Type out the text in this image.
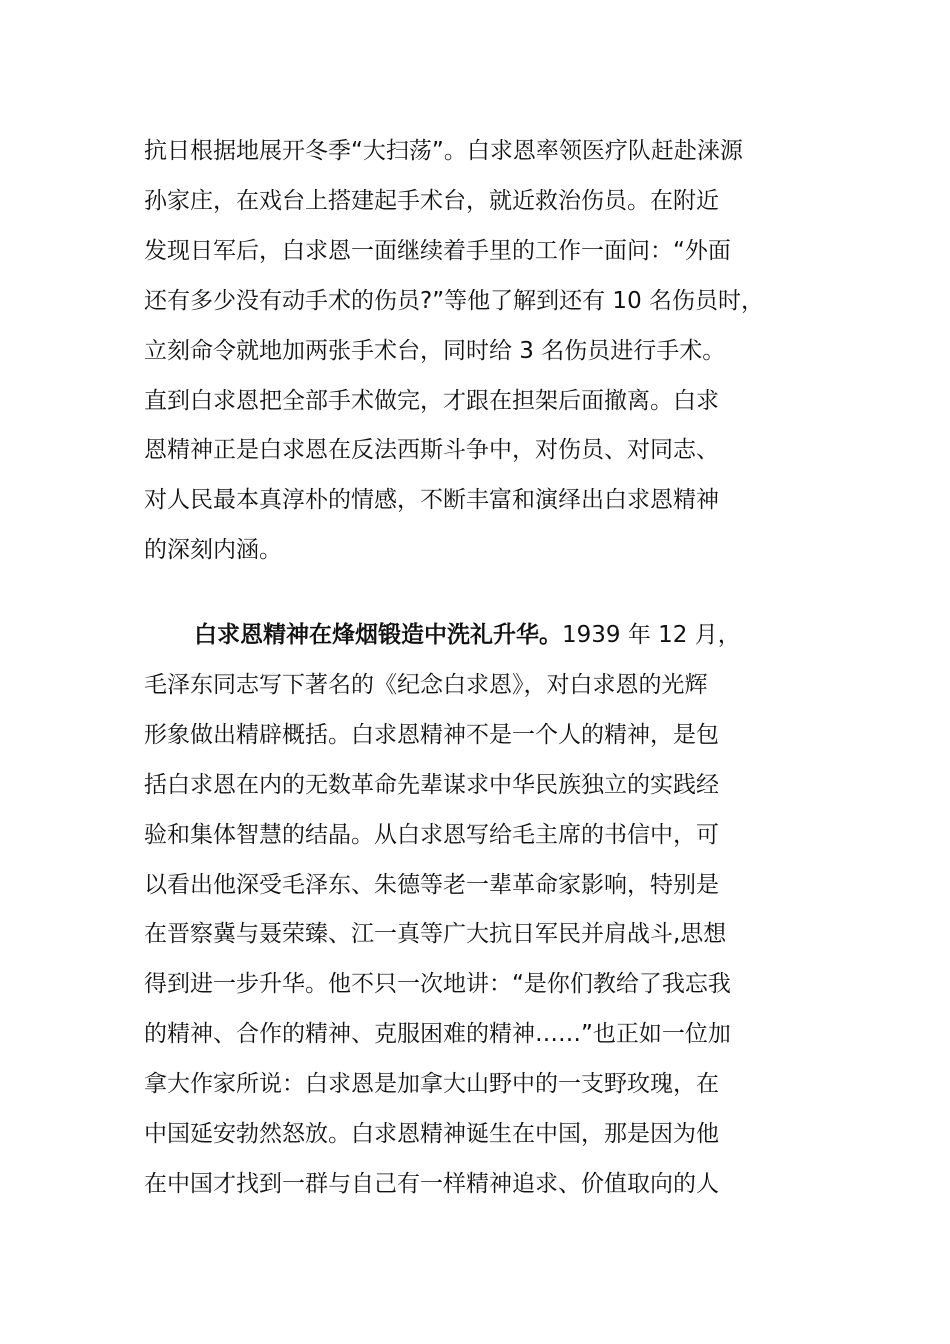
抗日根据地展开冬季“大扫荡”。白求恩率领医疗队赶赴涞源
孙家庄，在戏台上搭建起手术台，就近救治伤员。在附近
发现日军后，白求恩一面继续着手里的工作一面问：“外面
还有多少没有动手术的伤员?”等他了解到还有 10 名伤员时，
立刻命令就地加两张手术台，同时给 3 名伤员进行手术。
直到白求恩把全部手术做完，才跟在担架后面撤离。白求
恩精神正是白求恩在反法西斯斗争中，对伤员、对同志、
对人民最本真淳朴的情感，不断丰富和演绎出白求恩精神
的深刻内涵。
白求恩精神在烽烟锻造中洗礼升华。1939 年 12 月，
毛泽东同志写下著名的《纪念白求恩》，对白求恩的光辉
形象做出精辟概括。白求恩精神不是一个人的精神，是包
括白求恩在内的无数革命先辈谋求中华民族独立的实践经
验和集体智慧的结晶。从白求恩写给毛主席的书信中，可
以看出他深受毛泽东、朱德等老一辈革命家影响，特别是
在晋察冀与聂荣臻、江一真等广大抗日军民并肩战斗,思想
得到进一步升华。他不只一次地讲：“是你们教给了我忘我
的精神、合作的精神、克服困难的精神……”也正如一位加
拿大作家所说：白求恩是加拿大山野中的一支野玫瑰，在
中国延安勃然怒放。白求恩精神诞生在中国，那是因为他
在中国才找到一群与自己有一样精神追求、价值取向的人
